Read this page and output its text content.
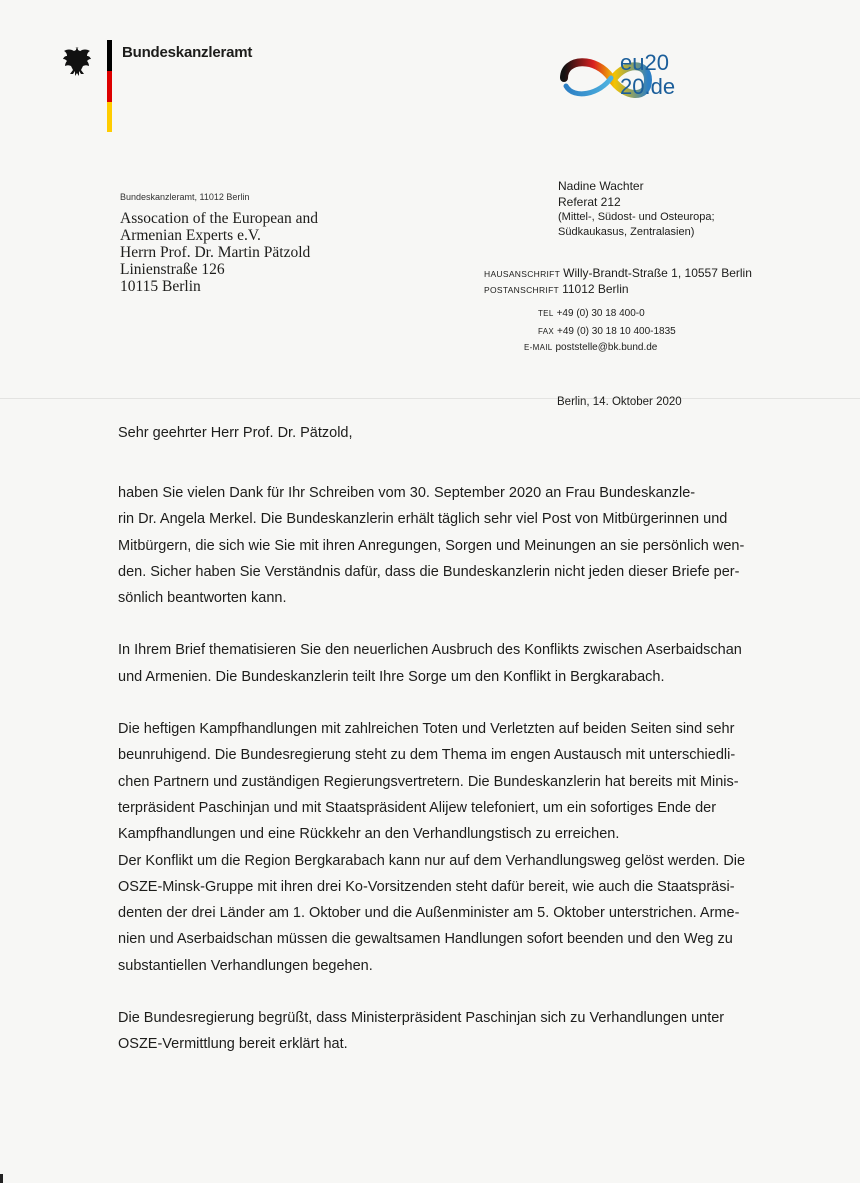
Bundeskanzleramt	eu20
20.de
Bundeskanzleramt, 11012 Berlin
Assocation of the European and
Armenian Experts e.V.
Herrn Prof. Dr. Martin Pätzold
Linienstraße 126
10115 Berlin
Nadine Wachter
Referat 212
(Mittel-, Südost- und Osteuropa;
Südkaukasus, Zentralasien)
HAUSANSCHRIFT Willy-Brandt-Straße 1, 10557 Berlin
POSTANSCHRIFT 11012 Berlin
TEL +49 (0) 30 18 400-0
FAX +49 (0) 30 18 10 400-1835
E-MAIL poststelle@bk.bund.de
Berlin, 14. Oktober 2020
Sehr geehrter Herr Prof. Dr. Pätzold,

haben Sie vielen Dank für Ihr Schreiben vom 30. September 2020 an Frau Bundeskanzle-
rin Dr. Angela Merkel. Die Bundeskanzlerin erhält täglich sehr viel Post von Mitbürgerinnen und
Mitbürgern, die sich wie Sie mit ihren Anregungen, Sorgen und Meinungen an sie persönlich wen-
den. Sicher haben Sie Verständnis dafür, dass die Bundeskanzlerin nicht jeden dieser Briefe per-
sönlich beantworten kann.

In Ihrem Brief thematisieren Sie den neuerlichen Ausbruch des Konflikts zwischen Aserbaidschan
und Armenien. Die Bundeskanzlerin teilt Ihre Sorge um den Konflikt in Bergkarabach.

Die heftigen Kampfhandlungen mit zahlreichen Toten und Verletzten auf beiden Seiten sind sehr
beunruhigend. Die Bundesregierung steht zu dem Thema im engen Austausch mit unterschiedli-
chen Partnern und zuständigen Regierungsvertretern. Die Bundeskanzlerin hat bereits mit Minis-
terpräsident Paschinjan und mit Staatspräsident Alijew telefoniert, um ein sofortiges Ende der
Kampfhandlungen und eine Rückkehr an den Verhandlungstisch zu erreichen.

Der Konflikt um die Region Bergkarabach kann nur auf dem Verhandlungsweg gelöst werden. Die
OSZE-Minsk-Gruppe mit ihren drei Ko-Vorsitzenden steht dafür bereit, wie auch die Staatspräsi-
denten der drei Länder am 1. Oktober und die Außenminister am 5. Oktober unterstrichen. Arme-
nien und Aserbaidschan müssen die gewaltsamen Handlungen sofort beenden und den Weg zu
substantiellen Verhandlungen begehen.

Die Bundesregierung begrüßt, dass Ministerpräsident Paschinjan sich zu Verhandlungen unter
OSZE-Vermittlung bereit erklärt hat.
